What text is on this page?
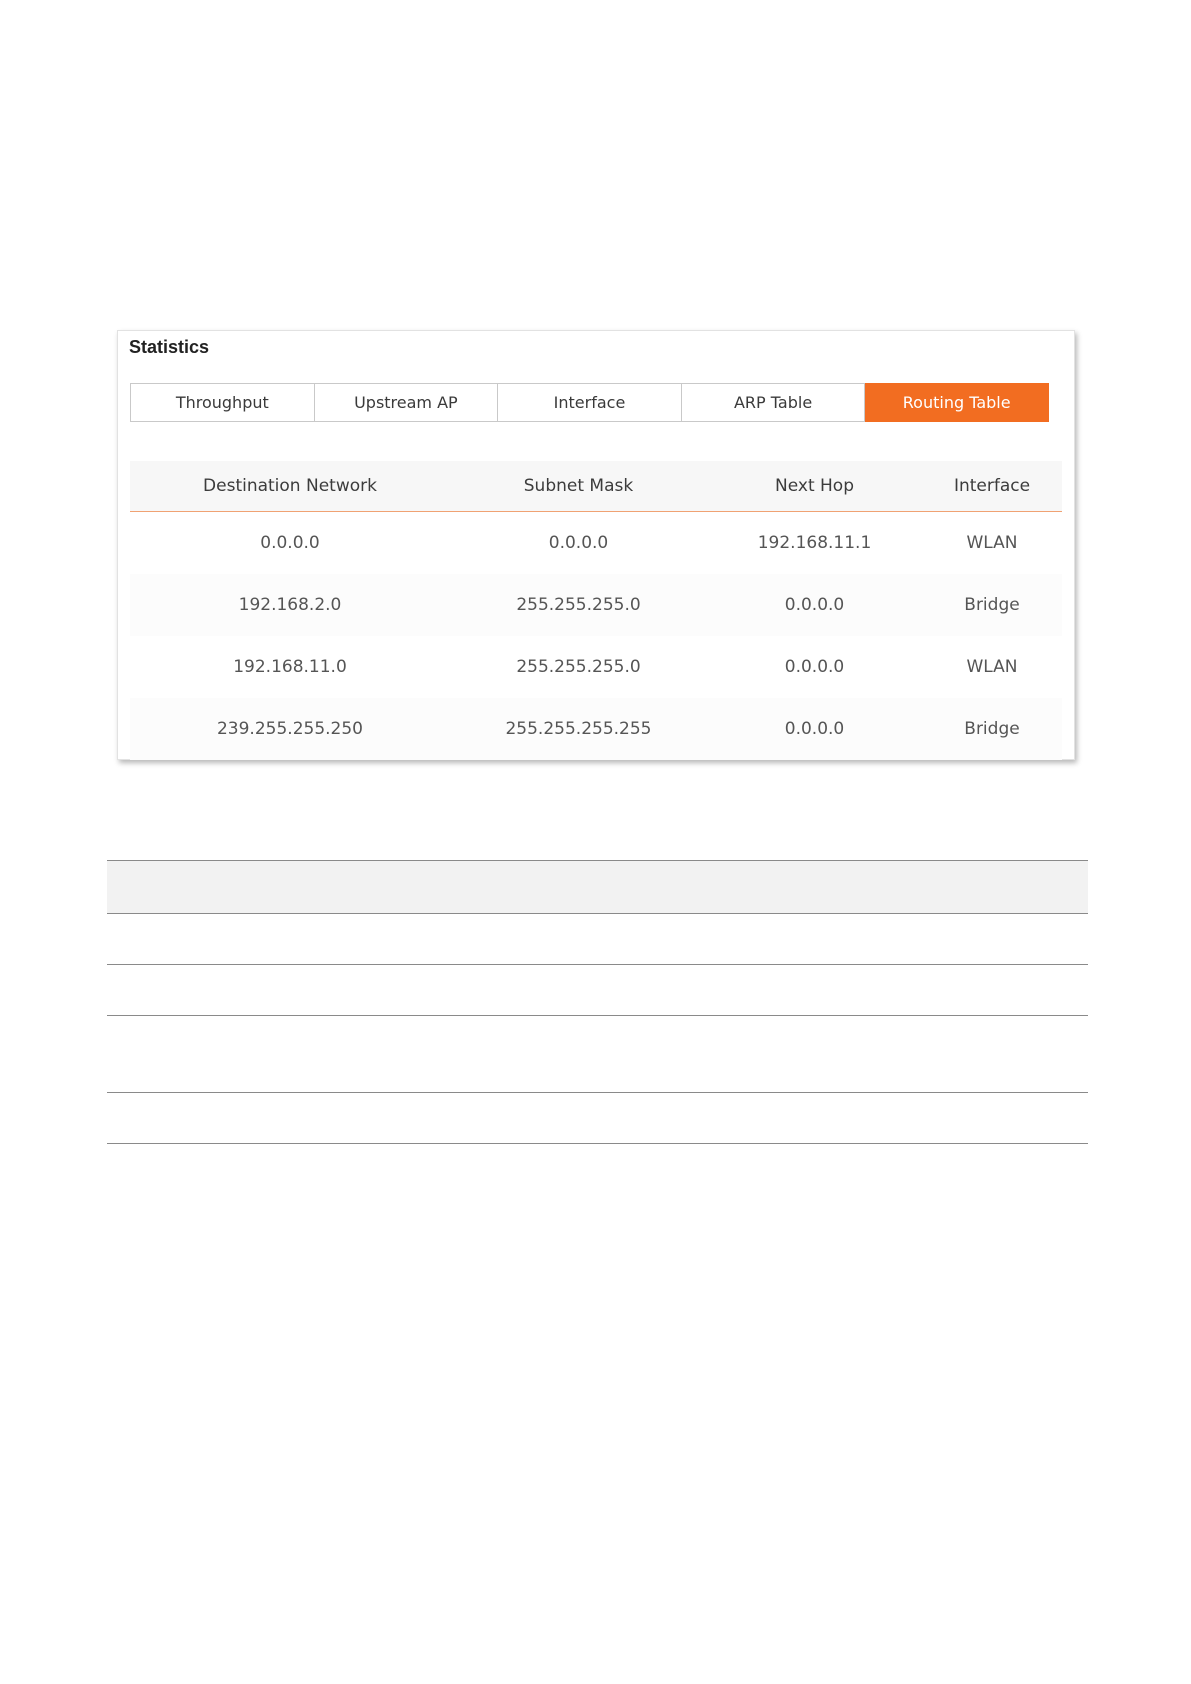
Statistics
Throughput	Upstream AP	Interface	ARP Table	Routing Table
Destination Network	Subnet Mask	Next Hop	Interface
0.0.0.0	0.0.0.0	192.168.11.1	WLAN
192.168.2.0	255.255.255.0	0.0.0.0	Bridge
192.168.11.0	255.255.255.0	0.0.0.0	WLAN
239.255.255.250	255.255.255.255	0.0.0.0	Bridge
